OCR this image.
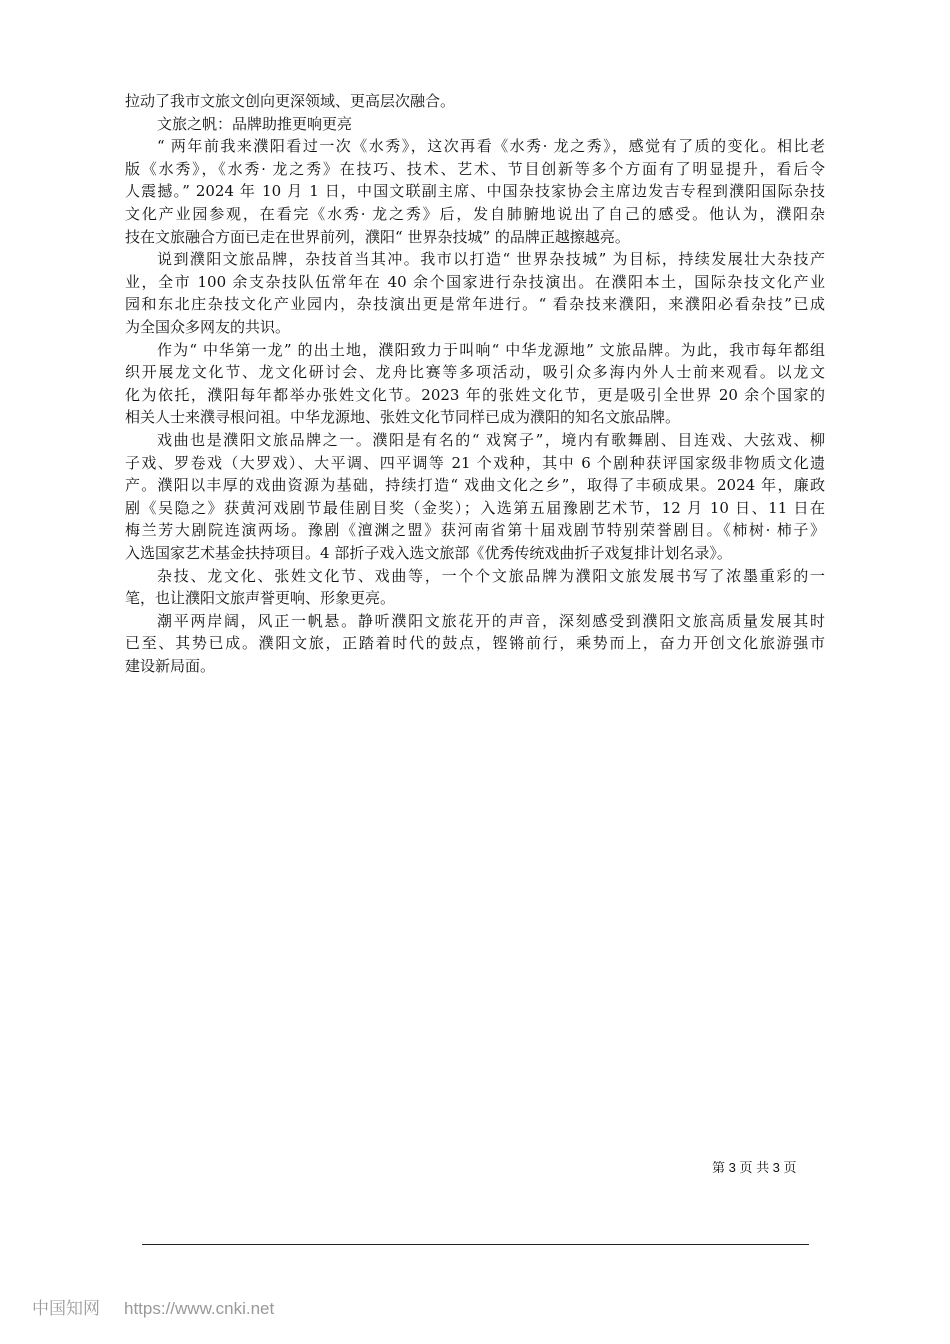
拉动了我市文旅文创向更深领域、更高层次融合。
文旅之帆：品牌助推更响更亮
“ 两年前我来濮阳看过一次《水秀》，这次再看《水秀· 龙之秀》，感觉有了质的变化。相比老
版《水秀》，《水秀· 龙之秀》在技巧、技术、艺术、节目创新等多个方面有了明显提升，看后令
人震撼。” 2024 年 10 月 1 日，中国文联副主席、中国杂技家协会主席边发吉专程到濮阳国际杂技
文化产业园参观，在看完《水秀· 龙之秀》后，发自肺腑地说出了自己的感受。他认为，濮阳杂
技在文旅融合方面已走在世界前列，濮阳“ 世界杂技城” 的品牌正越擦越亮。
说到濮阳文旅品牌，杂技首当其冲。我市以打造“ 世界杂技城” 为目标，持续发展壮大杂技产
业，全市 100 余支杂技队伍常年在 40 余个国家进行杂技演出。在濮阳本土，国际杂技文化产业
园和东北庄杂技文化产业园内，杂技演出更是常年进行。“ 看杂技来濮阳，来濮阳必看杂技”已成
为全国众多网友的共识。
作为“ 中华第一龙” 的出土地，濮阳致力于叫响“ 中华龙源地” 文旅品牌。为此，我市每年都组
织开展龙文化节、龙文化研讨会、龙舟比赛等多项活动，吸引众多海内外人士前来观看。以龙文
化为依托，濮阳每年都举办张姓文化节。2023 年的张姓文化节，更是吸引全世界 20 余个国家的
相关人士来濮寻根问祖。中华龙源地、张姓文化节同样已成为濮阳的知名文旅品牌。
戏曲也是濮阳文旅品牌之一。濮阳是有名的“ 戏窝子”，境内有歌舞剧、目连戏、大弦戏、柳
子戏、罗卷戏（大罗戏）、大平调、四平调等 21 个戏种，其中 6 个剧种获评国家级非物质文化遗
产。濮阳以丰厚的戏曲资源为基础，持续打造“ 戏曲文化之乡”，取得了丰硕成果。2024 年，廉政
剧《吴隐之》获黄河戏剧节最佳剧目奖（金奖）；入选第五届豫剧艺术节，12 月 10 日、11 日在
梅兰芳大剧院连演两场。豫剧《澶渊之盟》获河南省第十届戏剧节特别荣誉剧目。《柿树· 柿子》
入选国家艺术基金扶持项目。4 部折子戏入选文旅部《优秀传统戏曲折子戏复排计划名录》。
杂技、龙文化、张姓文化节、戏曲等，一个个文旅品牌为濮阳文旅发展书写了浓墨重彩的一
笔，也让濮阳文旅声誉更响、形象更亮。
潮平两岸阔，风正一帆悬。静听濮阳文旅花开的声音，深刻感受到濮阳文旅高质量发展其时
已至、其势已成。濮阳文旅，正踏着时代的鼓点，铿锵前行，乘势而上，奋力开创文化旅游强市
建设新局面。
第 3 页 共 3 页
中国知网 https://www.cnki.net
